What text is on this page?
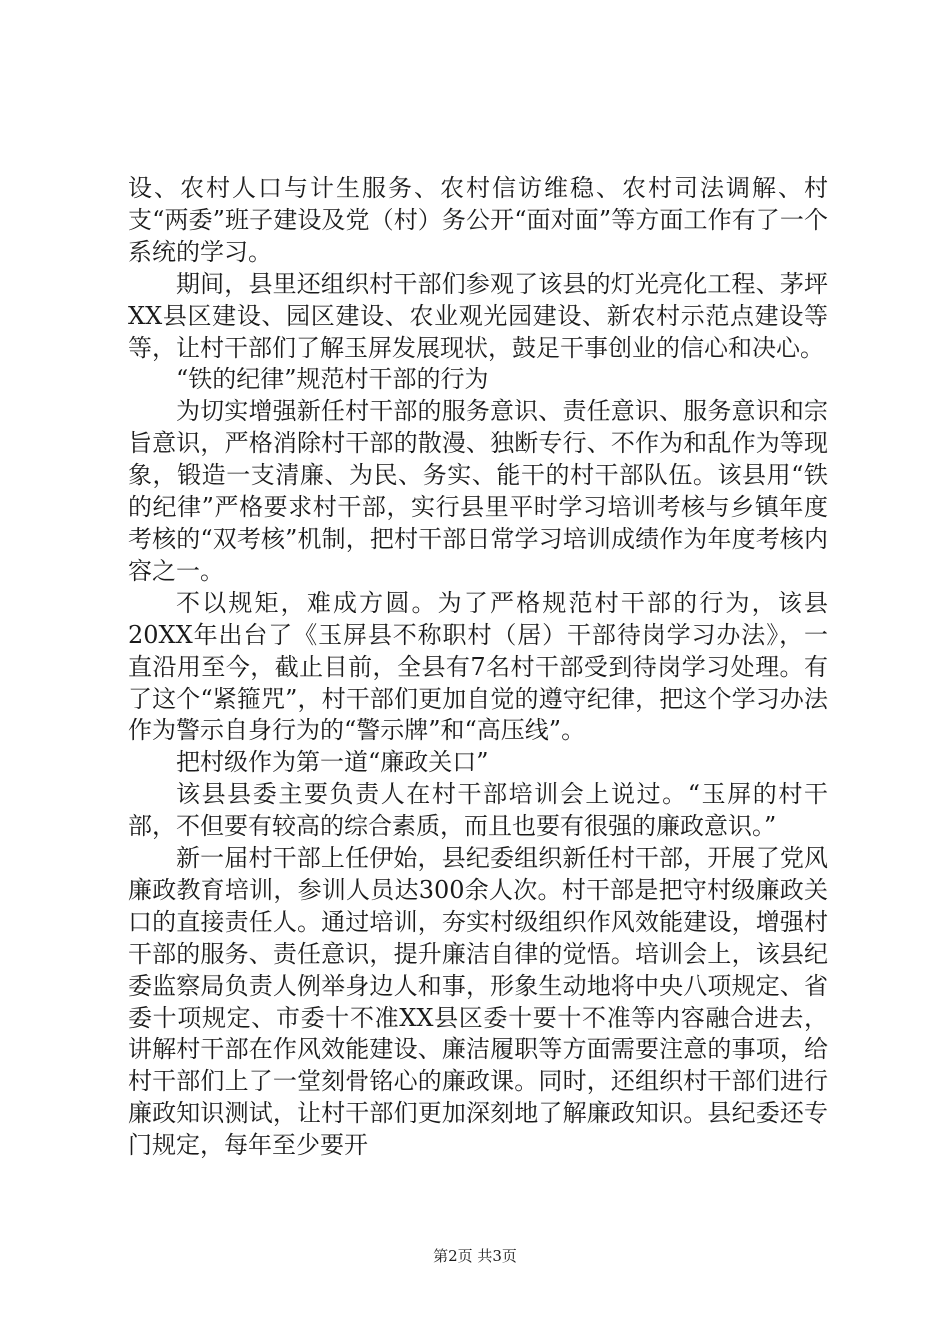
设、农村人口与计生服务、农村信访维稳、农村司法调解、村支“两委”班子建设及党（村）务公开“面对面”等方面工作有了一个系统的学习。

期间，县里还组织村干部们参观了该县的灯光亮化工程、茅坪XX县区建设、园区建设、农业观光园建设、新农村示范点建设等等，让村干部们了解玉屏发展现状，鼓足干事创业的信心和决心。

“铁的纪律”规范村干部的行为

为切实增强新任村干部的服务意识、责任意识、服务意识和宗旨意识，严格消除村干部的散漫、独断专行、不作为和乱作为等现象，锻造一支清廉、为民、务实、能干的村干部队伍。该县用“铁的纪律”严格要求村干部，实行县里平时学习培训考核与乡镇年度考核的“双考核”机制，把村干部日常学习培训成绩作为年度考核内容之一。

不以规矩，难成方圆。为了严格规范村干部的行为，该县20XX年出台了《玉屏县不称职村（居）干部待岗学习办法》，一直沿用至今，截止目前，全县有7名村干部受到待岗学习处理。有了这个“紧箍咒”，村干部们更加自觉的遵守纪律，把这个学习办法作为警示自身行为的“警示牌”和“高压线”。

把村级作为第一道“廉政关口”

该县县委主要负责人在村干部培训会上说过。“玉屏的村干部，不但要有较高的综合素质，而且也要有很强的廉政意识。”

新一届村干部上任伊始，县纪委组织新任村干部，开展了党风廉政教育培训，参训人员达300余人次。村干部是把守村级廉政关口的直接责任人。通过培训，夯实村级组织作风效能建设，增强村干部的服务、责任意识，提升廉洁自律的觉悟。培训会上，该县纪委监察局负责人例举身边人和事，形象生动地将中央八项规定、省委十项规定、市委十不准XX县区委十要十不准等内容融合进去，讲解村干部在作风效能建设、廉洁履职等方面需要注意的事项，给村干部们上了一堂刻骨铭心的廉政课。同时，还组织村干部们进行廉政知识测试，让村干部们更加深刻地了解廉政知识。县纪委还专门规定，每年至少要开

第2页 共3页
